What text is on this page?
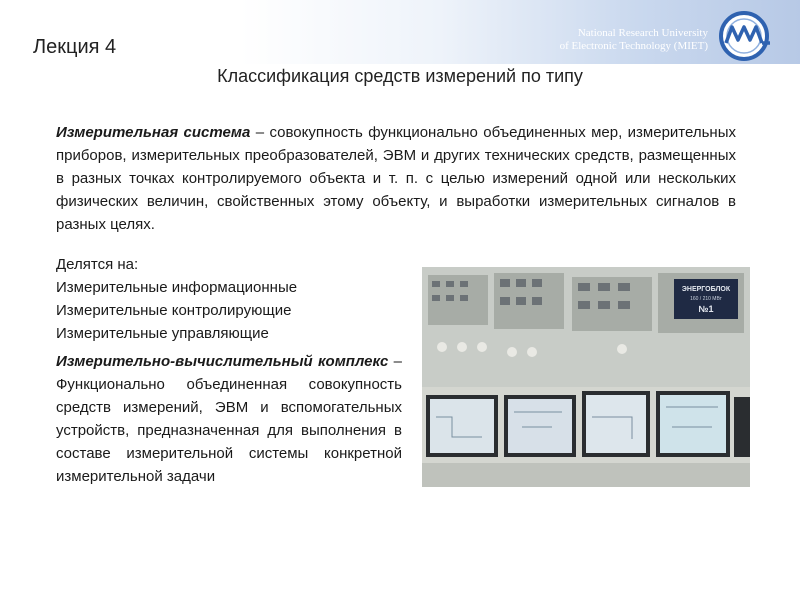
Лекция 4
National Research University
of Electronic Technology (MIET)
Классификация средств измерений по типу
Измерительная система – совокупность функционально объединенных мер, измерительных приборов, измерительных преобразователей, ЭВМ и других технических средств, размещенных в разных точках контролируемого объекта и т. п. с целью измерений одной или нескольких физических величин, свойственных этому объекту, и выработки измерительных сигналов в разных целях.
Делятся на:
Измерительные информационные
Измерительные контролирующие
Измерительные управляющие
Измерительно-вычислительный комплекс – Функционально объединенная совокупность средств измерений, ЭВМ и вспомогательных устройств, предназначенная для выполнения в составе измерительной системы конкретной измерительной задачи
ЭНЕРГОБЛОК
160 / 210 МВт
№1
